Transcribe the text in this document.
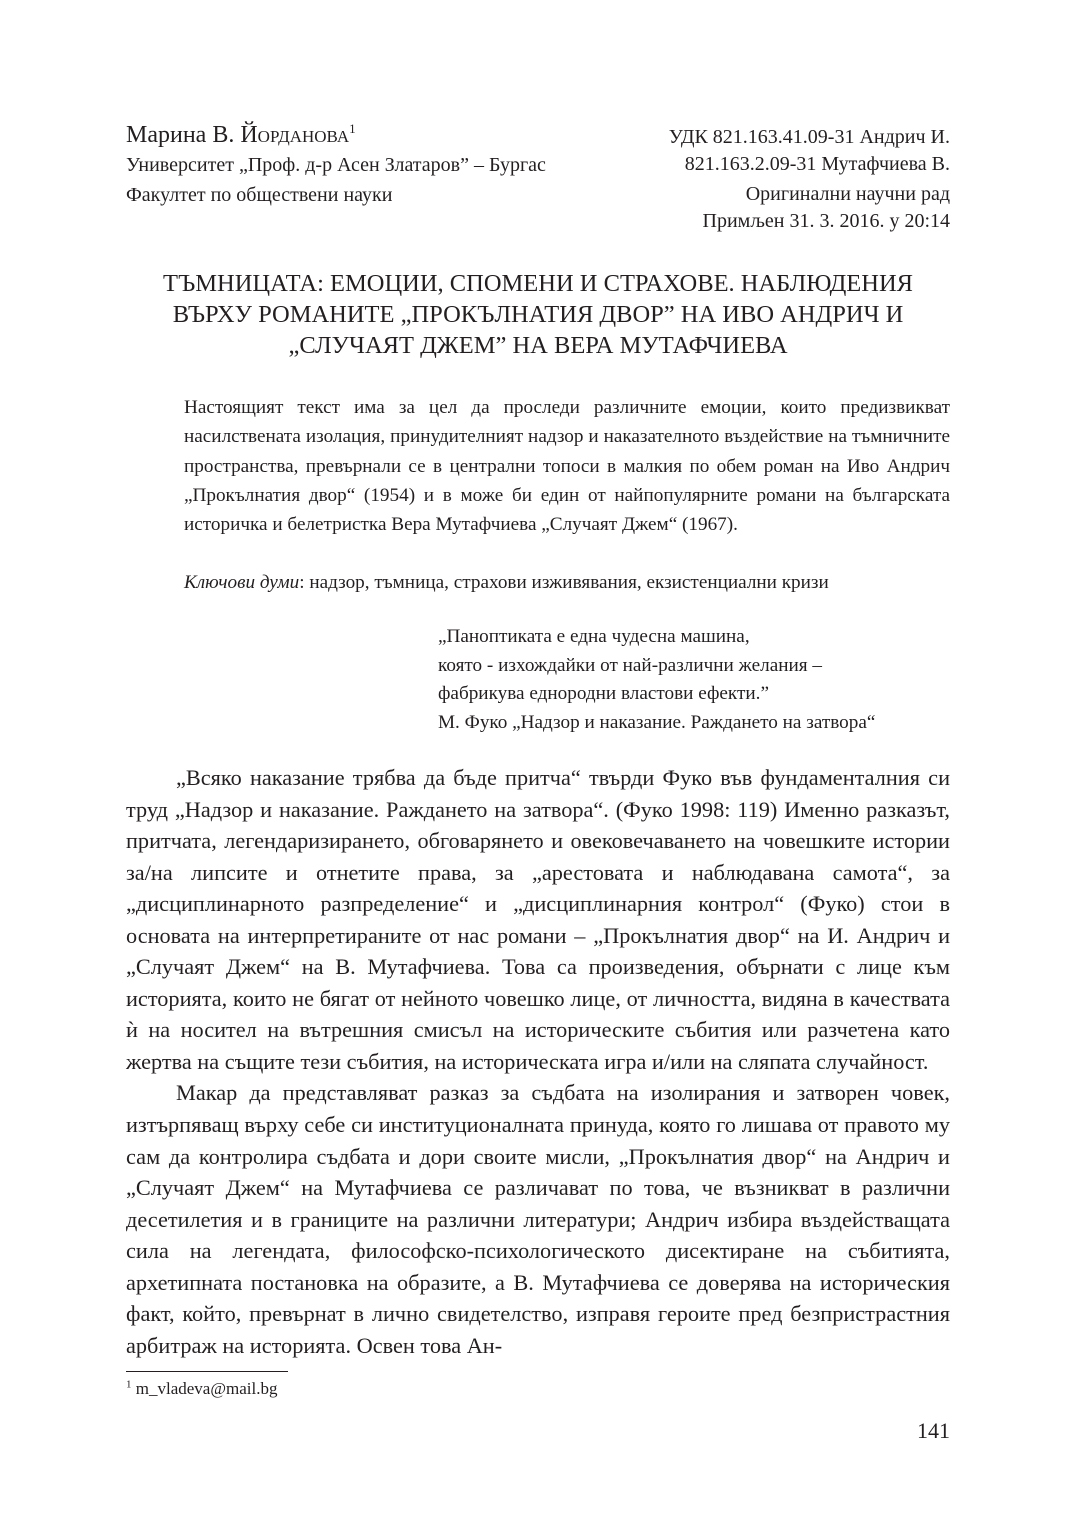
Марина В. Йорданова$^1$

Университет „Проф. д-р Асен Златаров” – Бургас

Факултет по обществени науки

УДК 821.163.41.09-31 Андрич И.
821.163.2.09-31 Мутафчиева В.
Оригинални научни рад
Примљен 31. 3. 2016. у 20:14
ТЪМНИЦАТА: ЕМОЦИИ, СПОМЕНИ И СТРАХОВЕ. НАБЛЮДЕНИЯ
ВЪРХУ РОМАНИТЕ „ПРОКЪЛНАТИЯ ДВОР” НА ИВО АНДРИЧ И
„СЛУЧАЯТ ДЖЕМ” НА ВЕРА МУТАФЧИЕВА

Настоящият текст има за цел да проследи различните емоции, които предизвикват насилствената изолация, принудителният надзор и наказателното въздействие на тъмничните пространства, превърнали се в централни топоси в малкия по обем роман на Иво Андрич „Прокълнатия двор“ (1954) и в може би един от найпопулярните романи на българската историчка и белетристка Вера Мутафчиева „Случаят Джем“ (1967).

Ключови думи: надзор, тъмница, страхови изживявания, екзистенциални кризи
„Паноптиката е една чудесна машина,
която - изхождайки от най-различни желания –
фабрикува еднородни властови ефекти.”
М. Фуко „Надзор и наказание. Раждането на затвора“

„Всяко наказание трябва да бъде притча“ твърди Фуко във фундаменталния си труд „Надзор и наказание. Раждането на затвора“. (Фуко 1998: 119) Именно разказът, притчата, легендаризирането, обговарянето и овековечаването на човешките истории за/на липсите и отнетите права, за „арестовата и наблюдавана самота“, за „дисциплинарното разпределение“ и „дисциплинарния контрол“ (Фуко) стои в основата на интерпретираните от нас романи – „Прокълнатия двор“ на И. Андрич и „Случаят Джем“ на В. Мутафчиева. Това са произведения, обърнати с лице към историята, които не бягат от нейното човешко лице, от личността, видяна в качествата ѝ на носител на вътрешния смисъл на историческите събития или разчетена като жертва на същите тези събития, на историческата игра и/или на сляпата случайност.

Макар да представляват разказ за съдбата на изолирания и затворен човек, изтърпяващ върху себе си институционалната принуда, която го лишава от правото му сам да контролира съдбата и дори своите мисли, „Прокълнатия двор“ на Андрич и „Случаят Джем“ на Мутафчиева се различават по това, че възникват в различни десетилетия и в границите на различни литератури; Андрич избира въздействащата сила на легендата, философско-психологическото дисектиране на събитията, архетипната постановка на образите, а В. Мутафчиева се доверява на историческия факт, който, превърнат в лично свидетелство, изправя героите пред безпристрастния арбитраж на историята. Освен това Ан-

$^1$ m_vladeva@mail.bg
141
